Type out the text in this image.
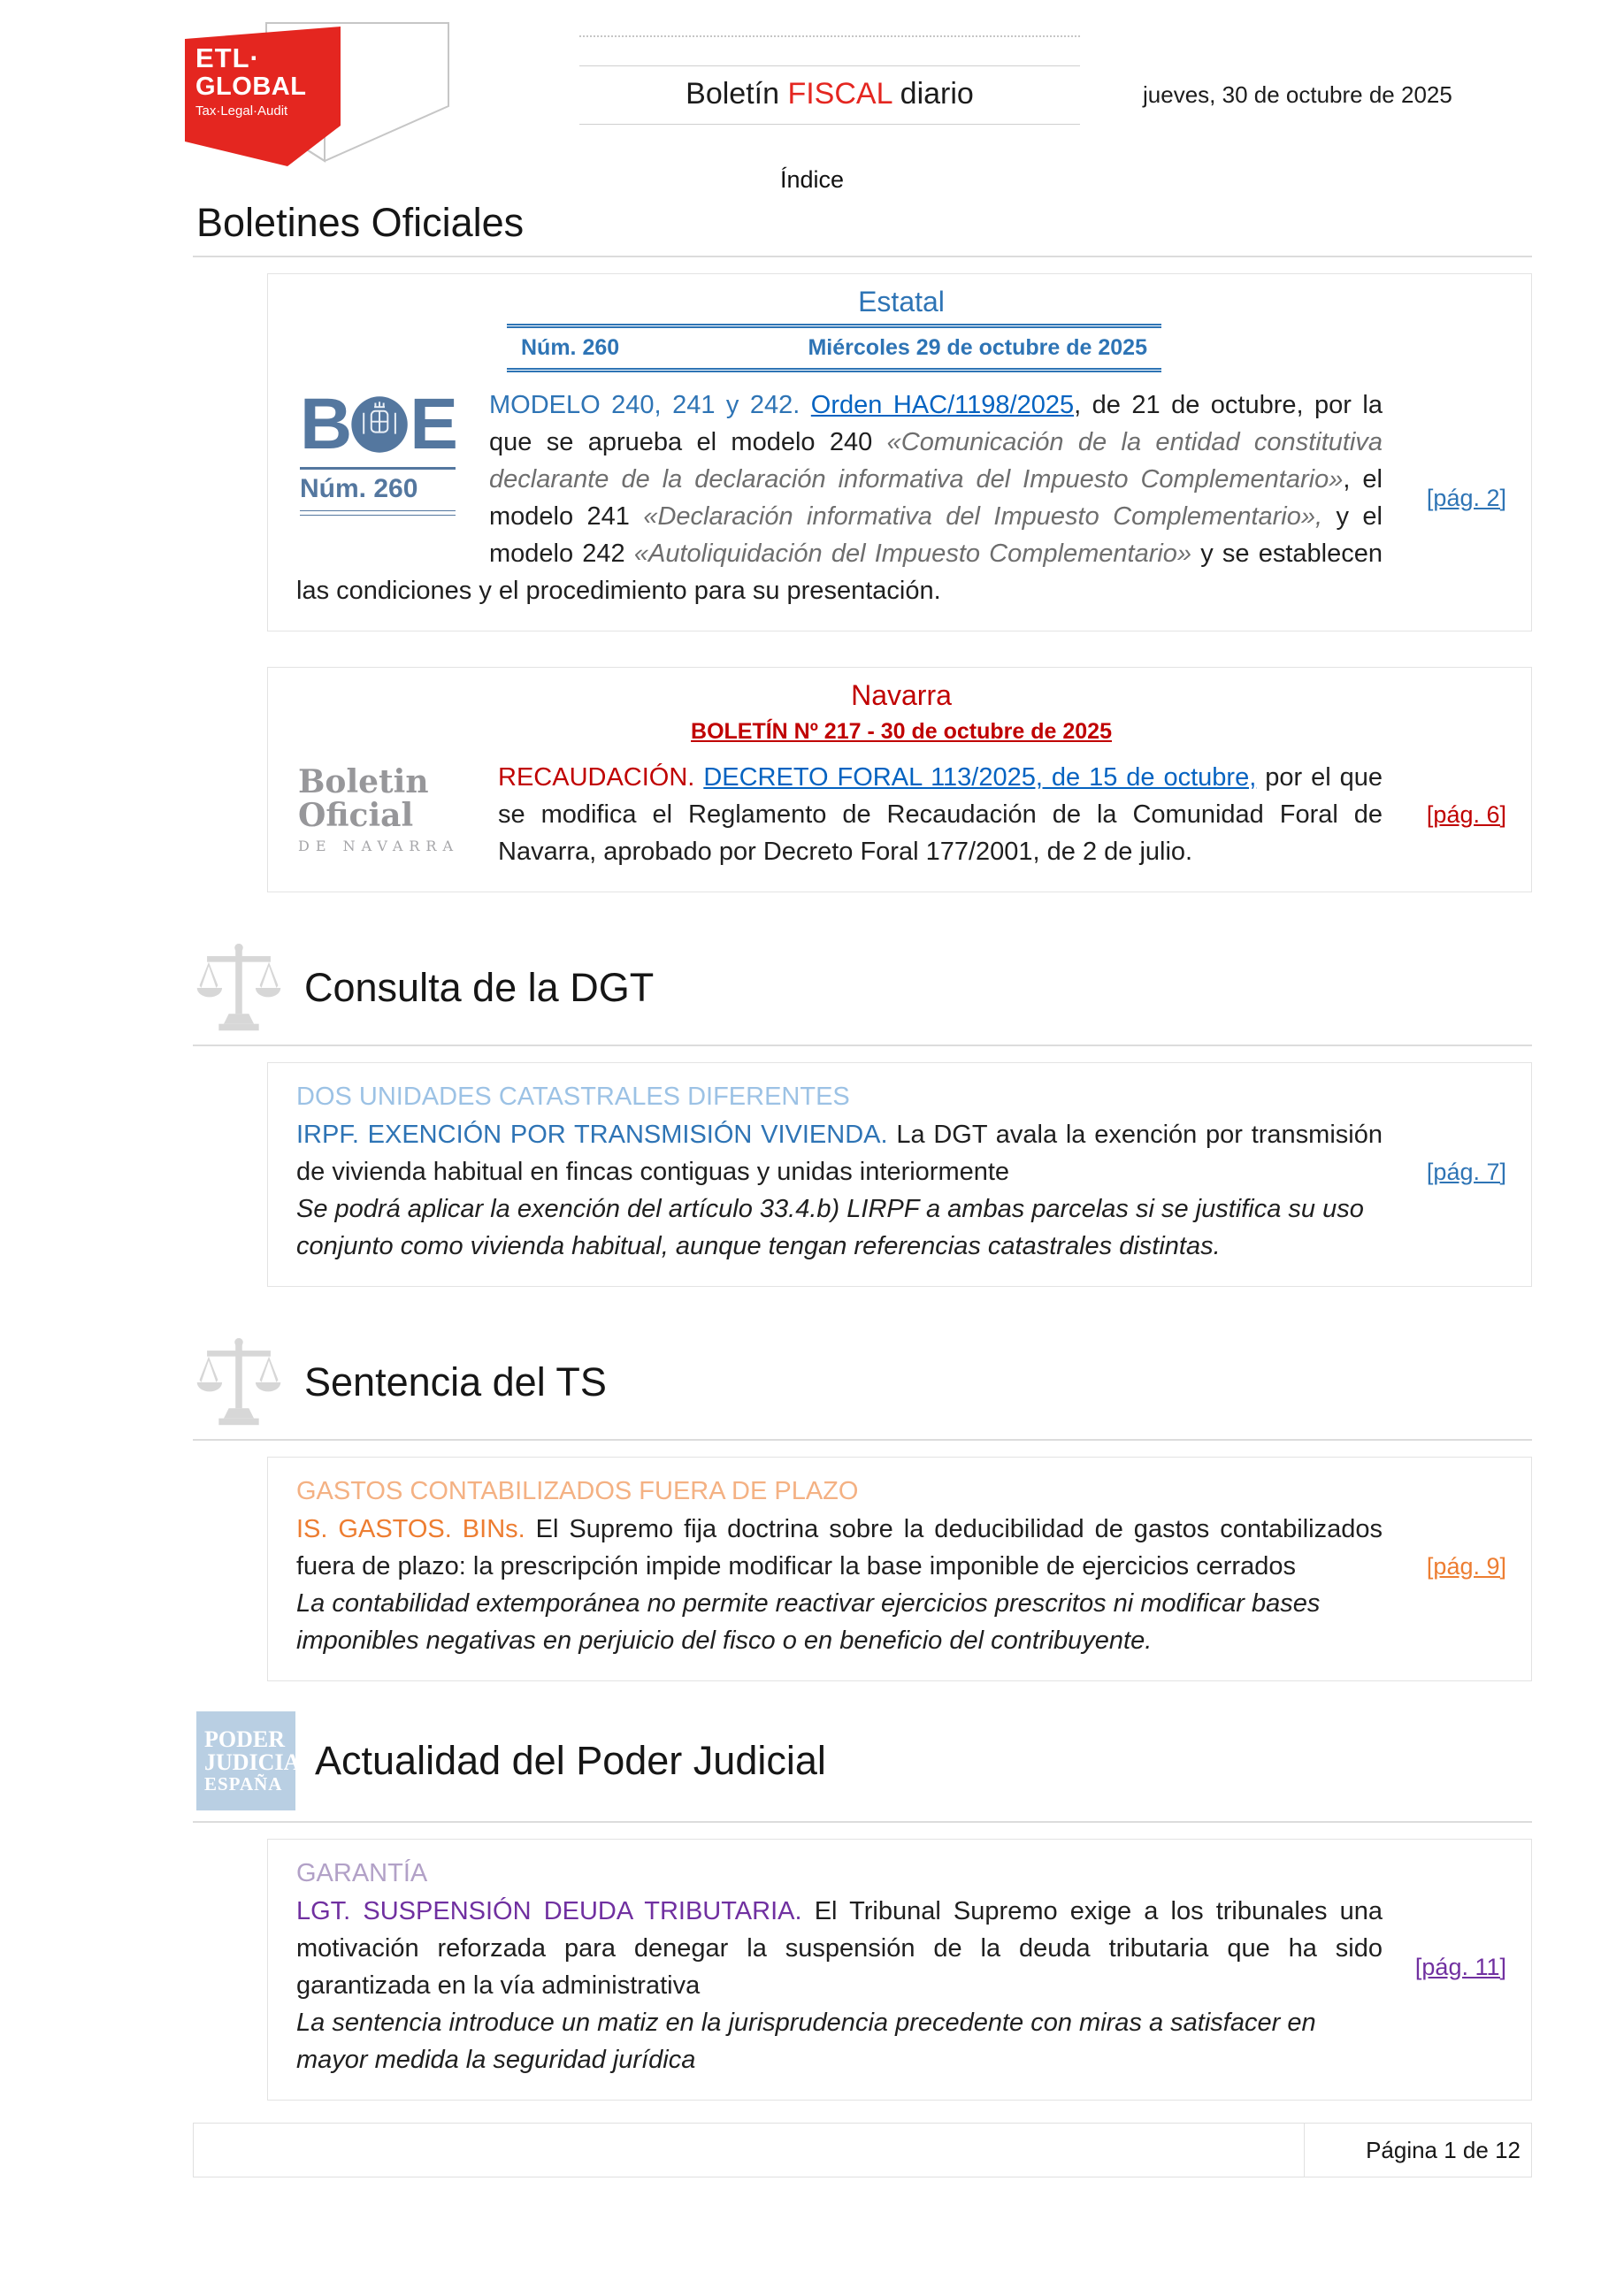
ETL·
GLOBAL
Tax·Legal·Audit
Boletín FISCAL diario	jueves, 30 de octubre de 2025
Índice
Boletines Oficiales
Estatal
Núm. 260	Miércoles 29 de octubre de 2025
B E
Núm. 260

MODELO 240, 241 y 242. Orden HAC/1198/2025, de 21 de octubre, por la que se aprueba el modelo 240 «Comunicación de la entidad constitutiva declarante de la declaración informativa del Impuesto Complementario», el modelo 241 «Declaración informativa del Impuesto Complementario», y el modelo 242 «Autoliquidación del Impuesto Complementario» y se establecen las condiciones y el procedimiento para su presentación.

[pág. 2]
Navarra
BOLETÍN Nº 217 - 30 de octubre de 2025
Boletin Oficial
DE NAVARRA

RECAUDACIÓN. DECRETO FORAL 113/2025, de 15 de octubre, por el que se modifica el Reglamento de Recaudación de la Comunidad Foral de Navarra, aprobado por Decreto Foral 177/2001, de 2 de julio.

[pág. 6]
Consulta de la DGT
DOS UNIDADES CATASTRALES DIFERENTES

IRPF. EXENCIÓN POR TRANSMISIÓN VIVIENDA. La DGT avala la exención por transmisión de vivienda habitual en fincas contiguas y unidas interiormente

Se podrá aplicar la exención del artículo 33.4.b) LIRPF a ambas parcelas si se justifica su uso conjunto como vivienda habitual, aunque tengan referencias catastrales distintas.

[pág. 7]
Sentencia del TS
GASTOS CONTABILIZADOS FUERA DE PLAZO

IS. GASTOS. BINs. El Supremo fija doctrina sobre la deducibilidad de gastos contabilizados fuera de plazo: la prescripción impide modificar la base imponible de ejercicios cerrados

La contabilidad extemporánea no permite reactivar ejercicios prescritos ni modificar bases imponibles negativas en perjuicio del fisco o en beneficio del contribuyente.

[pág. 9]
PODER
JUDICIAL
ESPAÑA
Actualidad del Poder Judicial
GARANTÍA

LGT. SUSPENSIÓN DEUDA TRIBUTARIA. El Tribunal Supremo exige a los tribunales una motivación reforzada para denegar la suspensión de la deuda tributaria que ha sido garantizada en la vía administrativa

La sentencia introduce un matiz en la jurisprudencia precedente con miras a satisfacer en mayor medida la seguridad jurídica

[pág. 11]
Página 1 de 12
